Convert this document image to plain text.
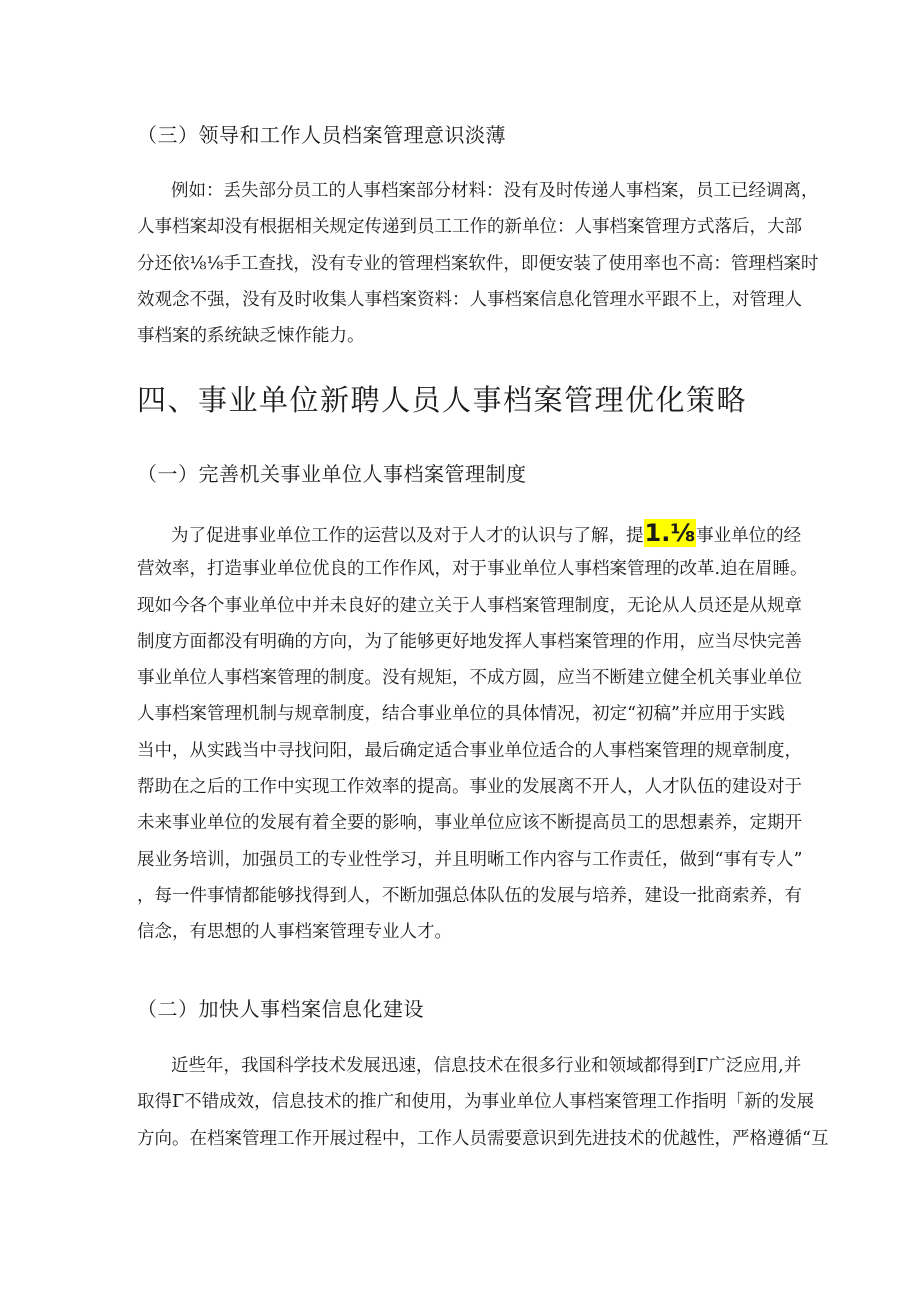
（三）领导和工作人员档案管理意识淡薄
例如：丢失部分员工的人事档案部分材料：没有及时传递人事档案，员工已经调离，
人事档案却没有根据相关规定传递到员工工作的新单位：人事档案管理方式落后，大部
分还依⅛⅛手工查找，没有专业的管理档案软件，即便安装了使用率也不高：管理档案时
效观念不强，没有及时收集人事档案资料：人事档案信息化管理水平跟不上，对管理人
事档案的系统缺乏悚作能力。
四、事业单位新聘人员人事档案管理优化策略
（一）完善机关事业单位人事档案管理制度
为了促进事业单位工作的运营以及对于人才的认识与了解，提1.⅛事业单位的经
营效率，打造事业单位优良的工作作风，对于事业单位人事档案管理的改革.迫在眉睡。
现如今各个事业单位中并未良好的建立关于人事档案管理制度，无论从人员还是从规章
制度方面都没有明确的方向，为了能够更好地发挥人事档案管理的作用，应当尽快完善
事业单位人事档案管理的制度。没有规矩，不成方圆，应当不断建立健全机关事业单位
人事档案管理机制与规章制度，结合事业单位的具体情况，初定“初稿”并应用于实践
当中，从实践当中寻找问阳，最后确定适合事业单位适合的人事档案管理的规章制度，
帮助在之后的工作中实现工作效率的提高。事业的发展离不开人，人才队伍的建设对于
未来事业单位的发展有着全要的影响，事业单位应该不断提高员工的思想素养，定期开
展业务培训，加强员工的专业性学习，并且明晰工作内容与工作责任，做到“事有专人”
，每一件事情都能够找得到人，不断加强总体队伍的发展与培养，建设一批商索养，有
信念，有思想的人事档案管理专业人才。
（二）加快人事档案信息化建设
近些年，我国科学技术发展迅速，信息技术在很多行业和领域都得到Γ广泛应用,并
取得Γ不错成效，信息技术的推广和使用，为事业单位人事档案管理工作指明「新的发展
方向。在档案管理工作开展过程中，工作人员需要意识到先进技术的优越性，严格遵循“互
